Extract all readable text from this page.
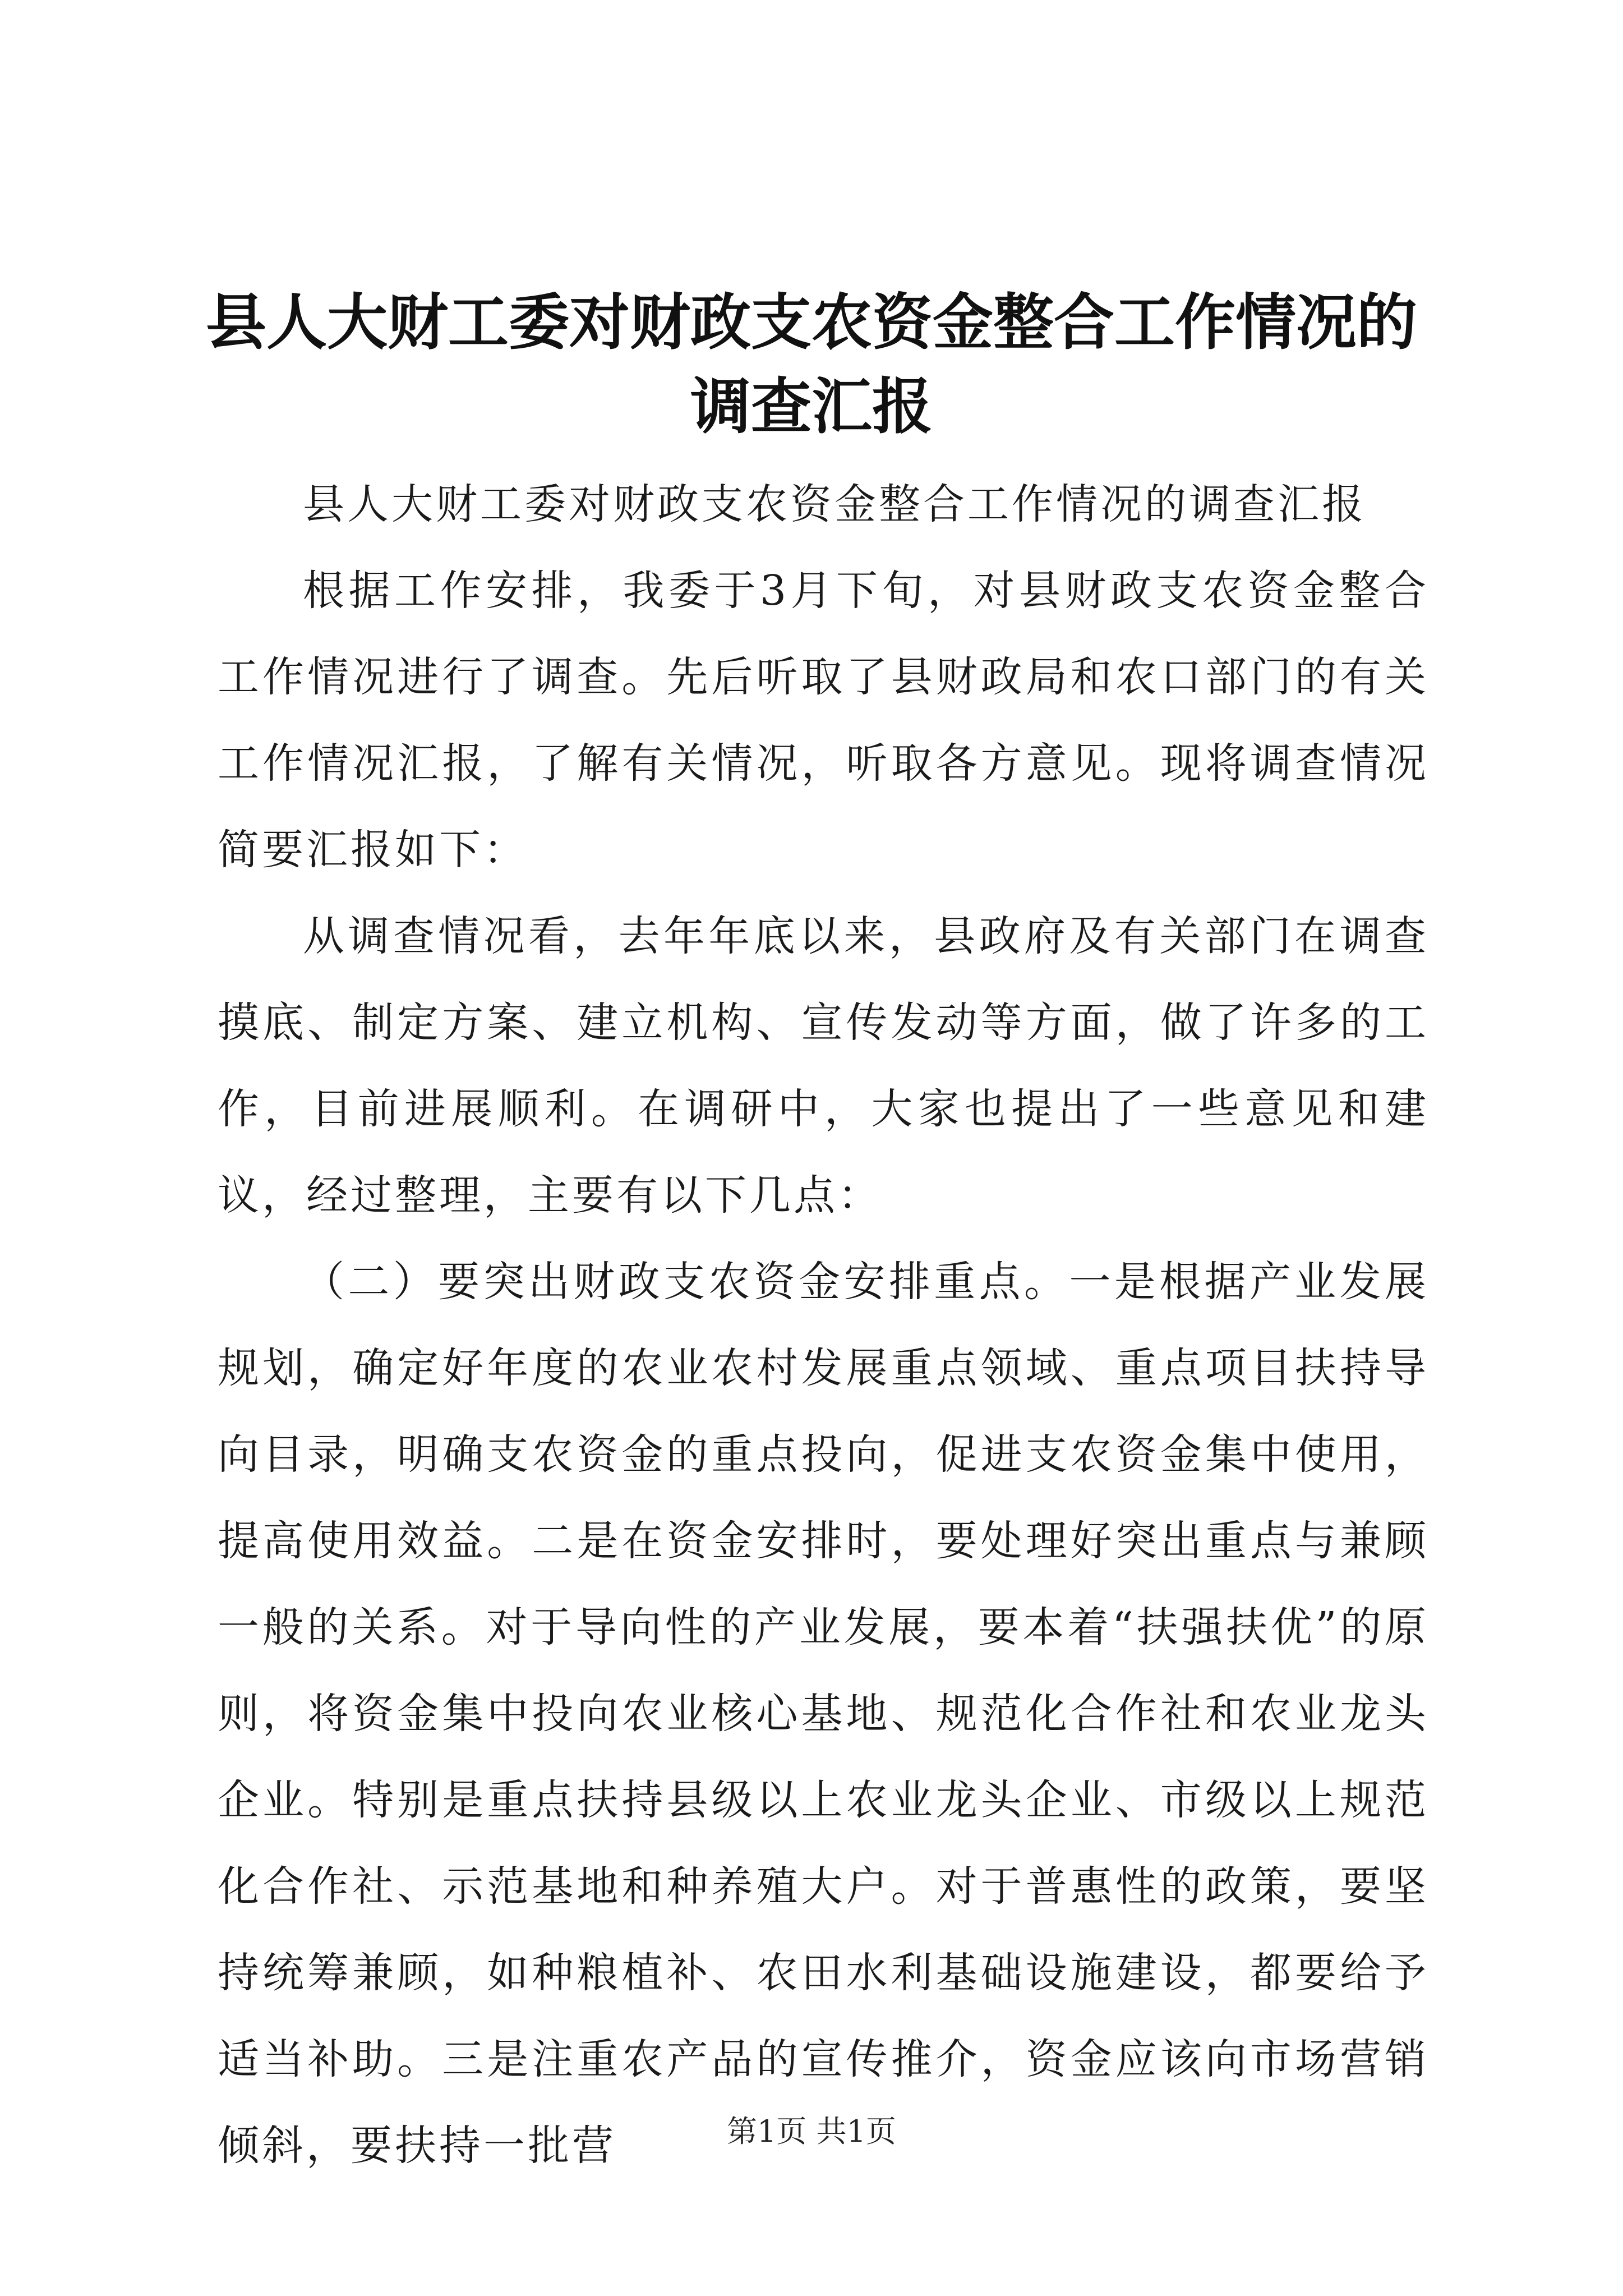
县人大财工委对财政支农资金整合工作情况的调查汇报

县人大财工委对财政支农资金整合工作情况的调查汇报

根据工作安排，我委于3月下旬，对县财政支农资金整合工作情况进行了调查。先后听取了县财政局和农口部门的有关工作情况汇报，了解有关情况，听取各方意见。现将调查情况简要汇报如下：

从调查情况看，去年年底以来，县政府及有关部门在调查摸底、制定方案、建立机构、宣传发动等方面，做了许多的工作，目前进展顺利。在调研中，大家也提出了一些意见和建议，经过整理，主要有以下几点：

（二）要突出财政支农资金安排重点。一是根据产业发展规划，确定好年度的农业农村发展重点领域、重点项目扶持导向目录，明确支农资金的重点投向，促进支农资金集中使用，提高使用效益。二是在资金安排时，要处理好突出重点与兼顾一般的关系。对于导向性的产业发展，要本着“扶强扶优”的原则，将资金集中投向农业核心基地、规范化合作社和农业龙头企业。特别是重点扶持县级以上农业龙头企业、市级以上规范化合作社、示范基地和种养殖大户。对于普惠性的政策，要坚持统筹兼顾，如种粮植补、农田水利基础设施建设，都要给予适当补助。三是注重农产品的宣传推介，资金应该向市场营销倾斜，要扶持一批营	第1页 共1页
